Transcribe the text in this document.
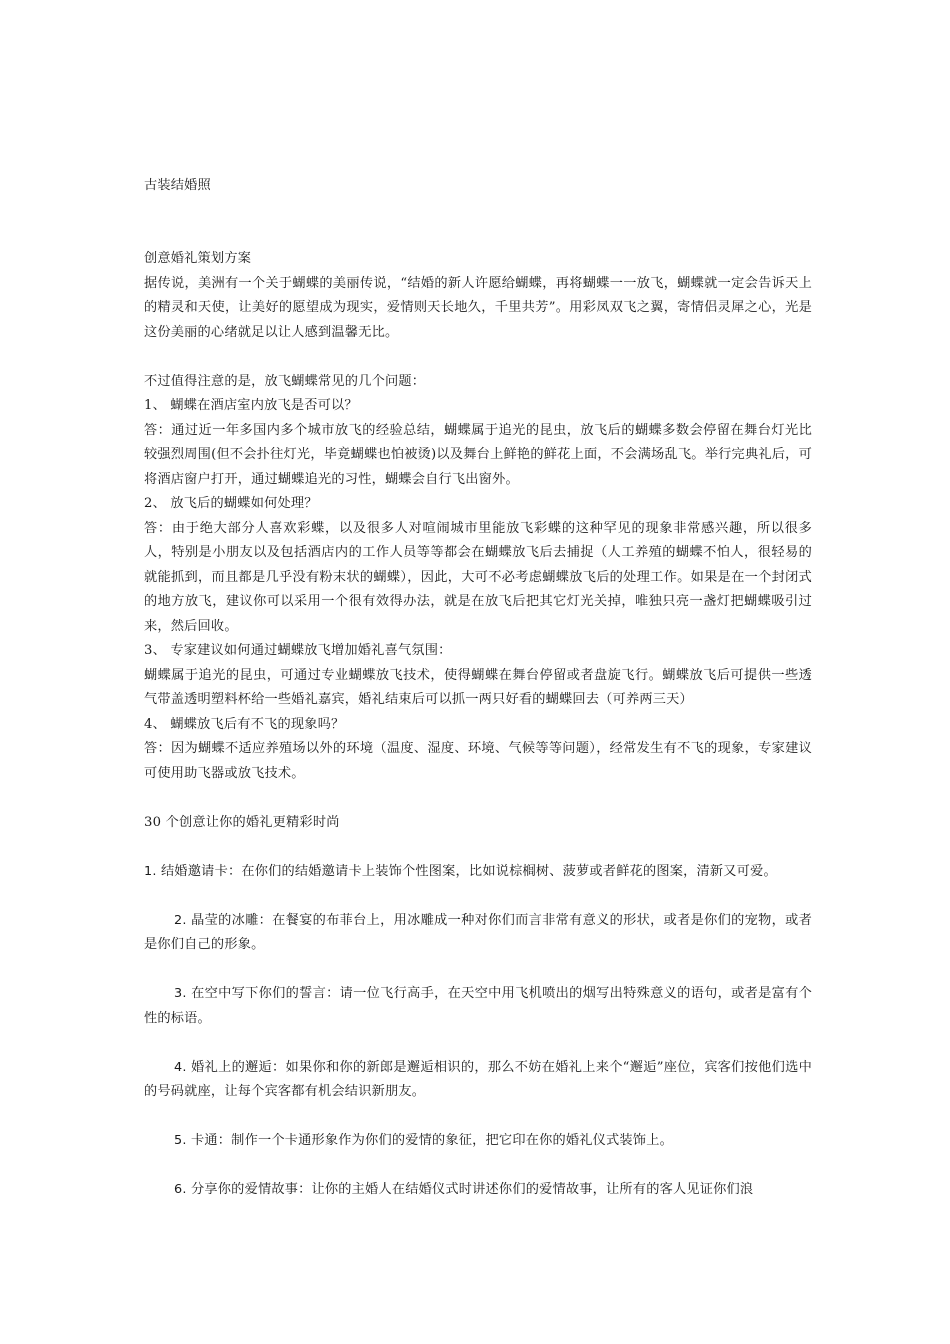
古装结婚照

创意婚礼策划方案

据传说，美洲有一个关于蝴蝶的美丽传说，“结婚的新人许愿给蝴蝶，再将蝴蝶一一放飞，蝴蝶就一定会告诉天上的精灵和天使，让美好的愿望成为现实，爱情则天长地久，千里共芳”。用彩凤双飞之翼，寄情侣灵犀之心，光是这份美丽的心绪就足以让人感到温馨无比。

不过值得注意的是，放飞蝴蝶常见的几个问题：

1、 蝴蝶在酒店室内放飞是否可以？

答：通过近一年多国内多个城市放飞的经验总结，蝴蝶属于追光的昆虫，放飞后的蝴蝶多数会停留在舞台灯光比较强烈周围(但不会扑往灯光，毕竟蝴蝶也怕被烫)以及舞台上鲜艳的鲜花上面，不会满场乱飞。举行完典礼后，可将酒店窗户打开，通过蝴蝶追光的习性，蝴蝶会自行飞出窗外。

2、 放飞后的蝴蝶如何处理？

答：由于绝大部分人喜欢彩蝶，以及很多人对喧闹城市里能放飞彩蝶的这种罕见的现象非常感兴趣，所以很多人，特别是小朋友以及包括酒店内的工作人员等等都会在蝴蝶放飞后去捕捉（人工养殖的蝴蝶不怕人，很轻易的就能抓到，而且都是几乎没有粉末状的蝴蝶），因此，大可不必考虑蝴蝶放飞后的处理工作。如果是在一个封闭式的地方放飞，建议你可以采用一个很有效得办法，就是在放飞后把其它灯光关掉，唯独只亮一盏灯把蝴蝶吸引过来，然后回收。

3、 专家建议如何通过蝴蝶放飞增加婚礼喜气氛围：

蝴蝶属于追光的昆虫，可通过专业蝴蝶放飞技术，使得蝴蝶在舞台停留或者盘旋飞行。蝴蝶放飞后可提供一些透气带盖透明塑料杯给一些婚礼嘉宾，婚礼结束后可以抓一两只好看的蝴蝶回去（可养两三天）

4、 蝴蝶放飞后有不飞的现象吗？

答：因为蝴蝶不适应养殖场以外的环境（温度、湿度、环境、气候等等问题），经常发生有不飞的现象，专家建议可使用助飞器或放飞技术。

30 个创意让你的婚礼更精彩时尚

1. 结婚邀请卡：在你们的结婚邀请卡上装饰个性图案，比如说棕榈树、菠萝或者鲜花的图案，清新又可爱。

2. 晶莹的冰雕：在餐宴的布菲台上，用冰雕成一种对你们而言非常有意义的形状，或者是你们的宠物，或者是你们自己的形象。

3. 在空中写下你们的誓言：请一位飞行高手，在天空中用飞机喷出的烟写出特殊意义的语句，或者是富有个性的标语。

4. 婚礼上的邂逅：如果你和你的新郎是邂逅相识的，那么不妨在婚礼上来个“邂逅”座位，宾客们按他们选中的号码就座，让每个宾客都有机会结识新朋友。

5. 卡通：制作一个卡通形象作为你们的爱情的象征，把它印在你的婚礼仪式装饰上。

6. 分享你的爱情故事：让你的主婚人在结婚仪式时讲述你们的爱情故事，让所有的客人见证你们浪
